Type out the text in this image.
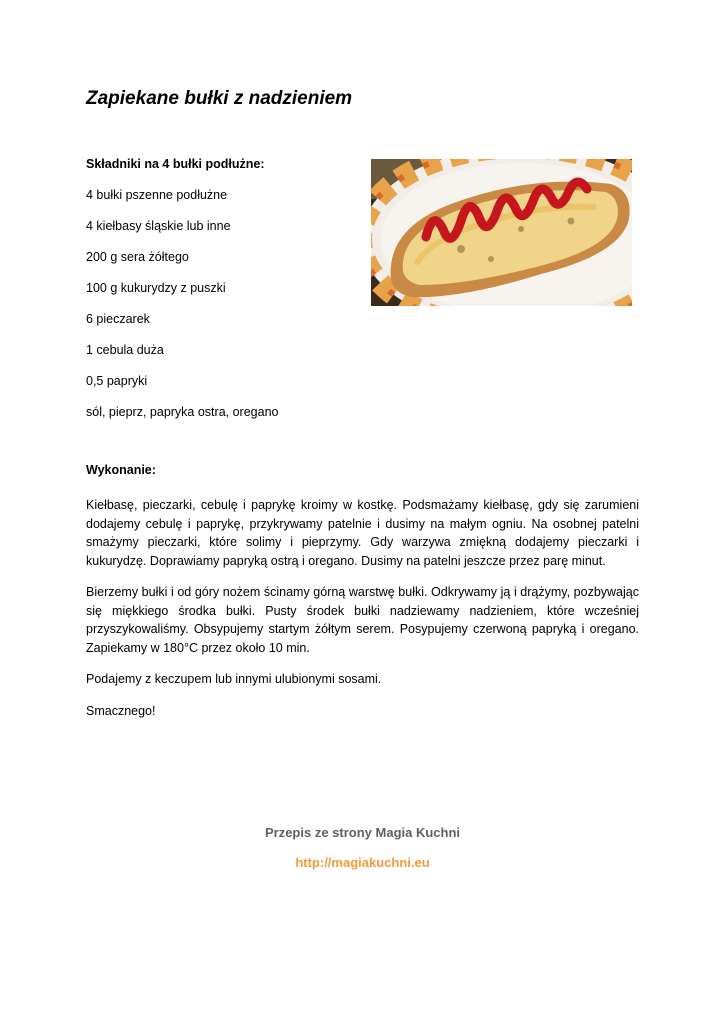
Zapiekane bułki z nadzieniem
Składniki na 4 bułki podłużne:
4 bułki pszenne podłużne
4 kiełbasy śląskie lub inne
200 g sera żółtego
100 g kukurydzy z puszki
6 pieczarek
1 cebula duża
0,5 papryki
sól, pieprz, papryka ostra, oregano
Wykonanie:

Kiełbasę, pieczarki, cebulę i paprykę kroimy w kostkę. Podsmażamy kiełbasę, gdy się zarumieni dodajemy cebulę i paprykę, przykrywamy patelnie i dusimy na małym ogniu. Na osobnej patelni smażymy pieczarki, które solimy i pieprzymy. Gdy warzywa zmiękną dodajemy pieczarki i kukurydzę. Doprawiamy papryką ostrą i oregano. Dusimy na patelni jeszcze przez parę minut.

Bierzemy bułki i od góry nożem ścinamy górną warstwę bułki. Odkrywamy ją i drążymy, pozbywając się miękkiego środka bułki. Pusty środek bułki nadziewamy nadzieniem, które wcześniej przyszykowaliśmy. Obsypujemy startym żółtym serem. Posypujemy czerwoną papryką i oregano. Zapiekamy w 180°C przez około 10 min.

Podajemy z keczupem lub innymi ulubionymi sosami.

Smacznego!

Przepis ze strony Magia Kuchni
http://magiakuchni.eu
